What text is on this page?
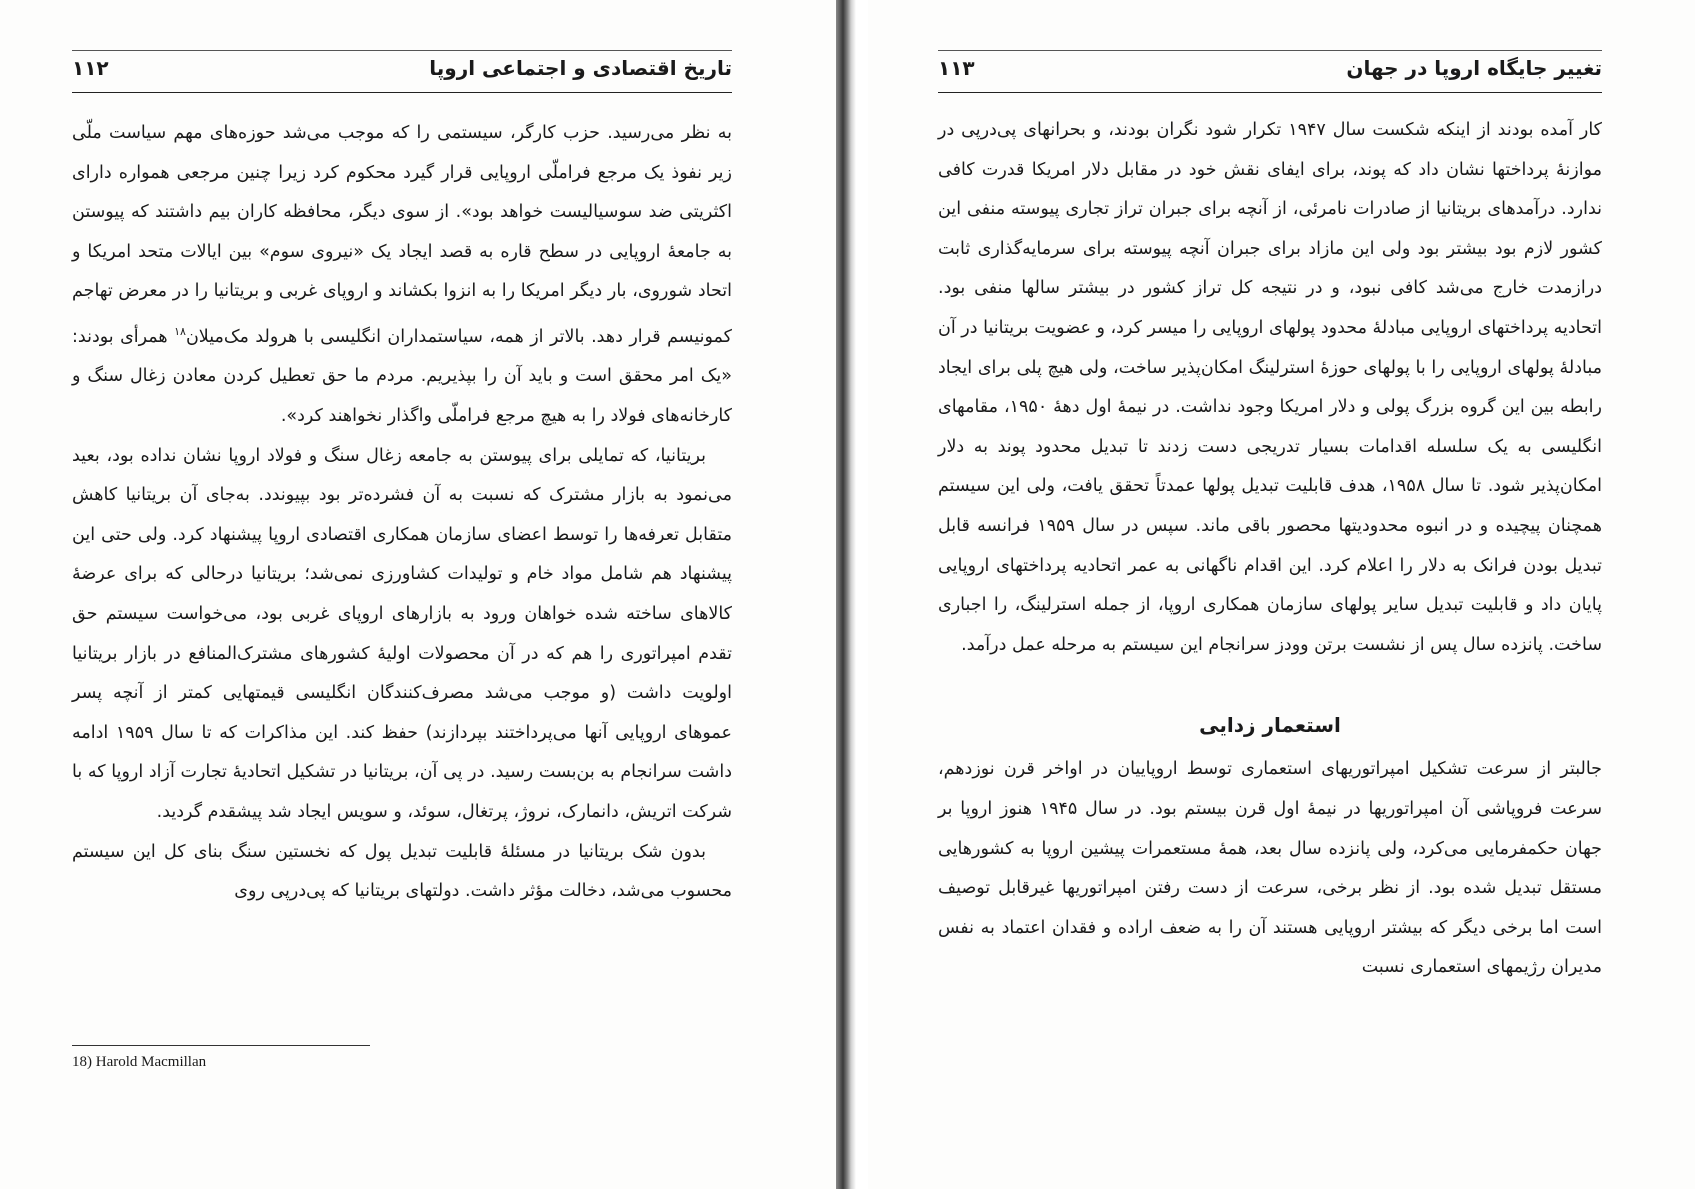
تاریخ اقتصادی و اجتماعی اروپا
۱۱۲

به نظر می‌رسید. حزب کارگر، سیستمی را که موجب می‌شد حوزه‌های مهم سیاست ملّی زیر نفوذ یک مرجع فراملّی اروپایی قرار گیرد محکوم کرد زیرا چنین مرجعی همواره دارای اکثریتی ضد سوسیالیست خواهد بود». از سوی دیگر، محافظه کاران بیم داشتند که پیوستن به جامعهٔ اروپایی در سطح قاره به قصد ایجاد یک «نیروی سوم» بین ایالات متحد امریکا و اتحاد شوروی، بار دیگر امریکا را به انزوا بکشاند و اروپای غربی و بریتانیا را در معرض تهاجم کمونیسم قرار دهد. بالاتر از همه، سیاستمداران انگلیسی با هرولد مک‌میلان$^{۱۸}$ همرأی بودند: «یک امر محقق است و باید آن را بپذیریم. مردم ما حق تعطیل کردن معادن زغال سنگ و کارخانه‌های فولاد را به هیچ مرجع فراملّی واگذار نخواهند کرد».

بریتانیا، که تمایلی برای پیوستن به جامعه زغال سنگ و فولاد اروپا نشان نداده بود، بعید می‌نمود به بازار مشترک که نسبت به آن فشرده‌تر بود بپیوندد. به‌جای آن بریتانیا کاهش متقابل تعرفه‌ها را توسط اعضای سازمان همکاری اقتصادی اروپا پیشنهاد کرد. ولی حتی این پیشنهاد هم شامل مواد خام و تولیدات کشاورزی نمی‌شد؛ بریتانیا درحالی که برای عرضهٔ کالاهای ساخته شده خواهان ورود به بازارهای اروپای غربی بود، می‌خواست سیستم حق تقدم امپراتوری را هم که در آن محصولات اولیهٔ کشورهای مشترک‌المنافع در بازار بریتانیا اولویت داشت (و موجب می‌شد مصرف‌کنندگان انگلیسی قیمتهایی کمتر از آنچه پسر عموهای اروپایی آنها می‌پرداختند بپردازند) حفظ کند. این مذاکرات که تا سال ۱۹۵۹ ادامه داشت سرانجام به بن‌بست رسید. در پی آن، بریتانیا در تشکیل اتحادیهٔ تجارت آزاد اروپا که با شرکت اتریش، دانمارک، نروژ، پرتغال، سوئد، و سویس ایجاد شد پیشقدم گردید.

بدون شک بریتانیا در مسئلهٔ قابلیت تبدیل پول که نخستین سنگ بنای کل این سیستم محسوب می‌شد، دخالت مؤثر داشت. دولتهای بریتانیا که پی‌درپی روی

18) Harold Macmillan
تغییر جایگاه اروپا در جهان
۱۱۳

کار آمده بودند از اینکه شکست سال ۱۹۴۷ تکرار شود نگران بودند، و بحرانهای پی‌درپی در موازنهٔ پرداختها نشان داد که پوند، برای ایفای نقش خود در مقابل دلار امریکا قدرت کافی ندارد. درآمدهای بریتانیا از صادرات نامرئی، از آنچه برای جبران تراز تجاری پیوسته منفی این کشور لازم بود بیشتر بود ولی این مازاد برای جبران آنچه پیوسته برای سرمایه‌گذاری ثابت درازمدت خارج می‌شد کافی نبود، و در نتیجه کل تراز کشور در بیشتر سالها منفی بود. اتحادیه پرداختهای اروپایی مبادلهٔ محدود پولهای اروپایی را میسر کرد، و عضویت بریتانیا در آن مبادلهٔ پولهای اروپایی را با پولهای حوزهٔ استرلینگ امکان‌پذیر ساخت، ولی هیچ پلی برای ایجاد رابطه بین این گروه بزرگ پولی و دلار امریکا وجود نداشت. در نیمهٔ اول دههٔ ۱۹۵۰، مقامهای انگلیسی به یک سلسله اقدامات بسیار تدریجی دست زدند تا تبدیل محدود پوند به دلار امکان‌پذیر شود. تا سال ۱۹۵۸، هدف قابلیت تبدیل پولها عمدتاً تحقق یافت، ولی این سیستم همچنان پیچیده و در انبوه محدودیتها محصور باقی ماند. سپس در سال ۱۹۵۹ فرانسه قابل تبدیل بودن فرانک به دلار را اعلام کرد. این اقدام ناگهانی به عمر اتحادیه پرداختهای اروپایی پایان داد و قابلیت تبدیل سایر پولهای سازمان همکاری اروپا، از جمله استرلینگ، را اجباری ساخت. پانزده سال پس از نشست برتن وودز سرانجام این سیستم به مرحله عمل درآمد.

استعمار زدایی

جالبتر از سرعت تشکیل امپراتوریهای استعماری توسط اروپاییان در اواخر قرن نوزدهم، سرعت فروپاشی آن امپراتوریها در نیمهٔ اول قرن بیستم بود. در سال ۱۹۴۵ هنوز اروپا بر جهان حکمفرمایی می‌کرد، ولی پانزده سال بعد، همهٔ مستعمرات پیشین اروپا به کشورهایی مستقل تبدیل شده بود. از نظر برخی، سرعت از دست رفتن امپراتوریها غیرقابل توصیف است اما برخی دیگر که بیشتر اروپایی هستند آن را به ضعف اراده و فقدان اعتماد به نفس مدیران رژیمهای استعماری نسبت
